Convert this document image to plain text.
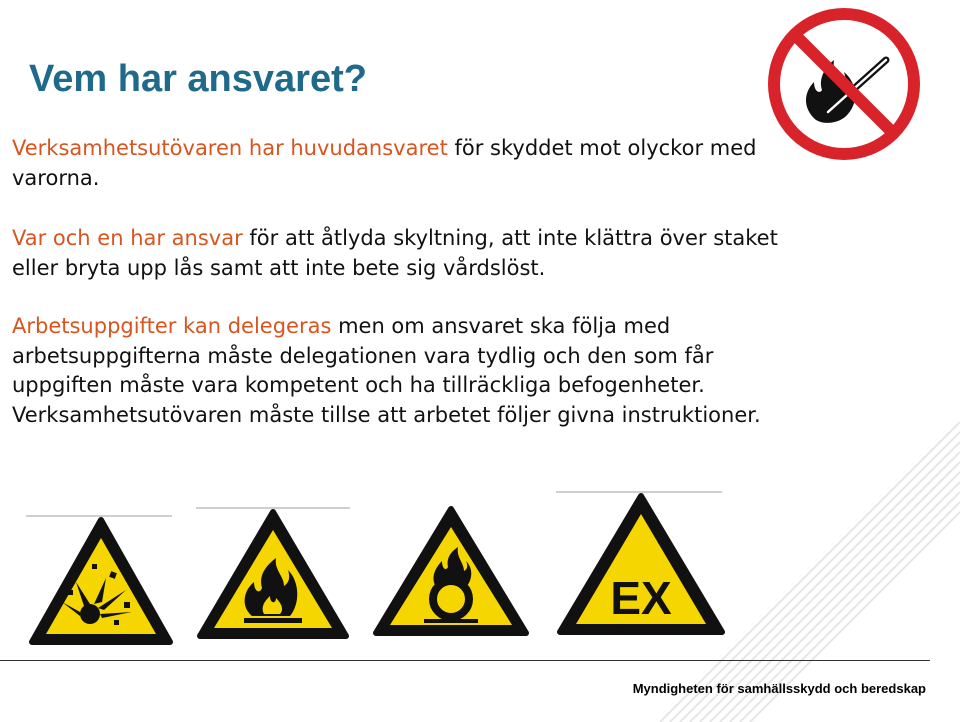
Vem har ansvaret?

Verksamhetsutövaren har huvudansvaret för skyddet mot olyckor med varorna.

Var och en har ansvar för att åtlyda skyltning, att inte klättra över staket eller bryta upp lås samt att inte bete sig vårdslöst.

Arbetsuppgifter kan delegeras men om ansvaret ska följa med arbetsuppgifterna måste delegationen vara tydlig och den som får uppgiften måste vara kompetent och ha tillräckliga befogenheter. Verksamhetsutövaren måste tillse att arbetet följer givna instruktioner.

EX
Myndigheten för samhällsskydd och beredskap
